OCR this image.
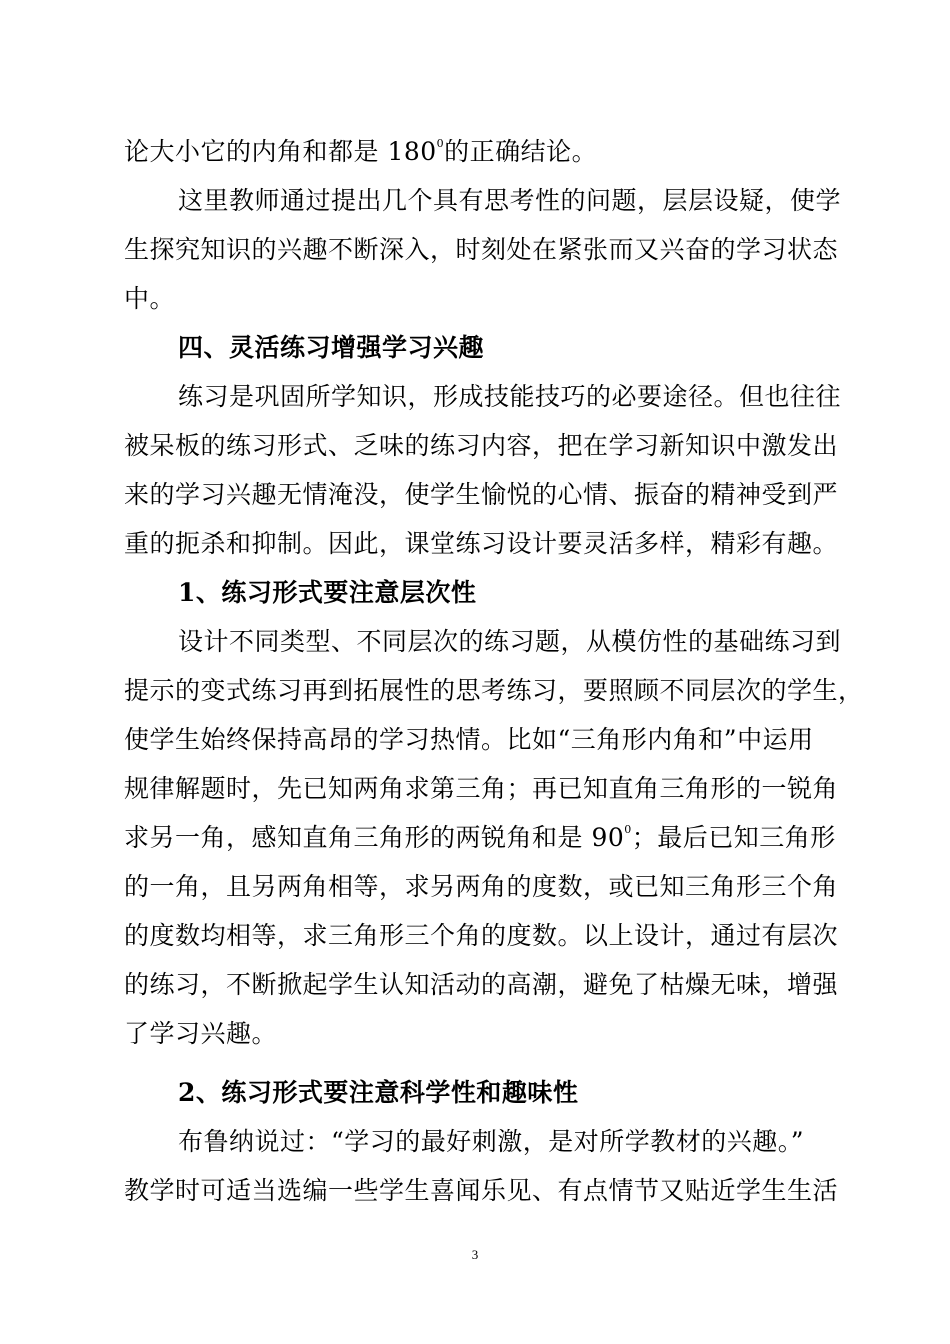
论大小它的内角和都是 $180^0$的正确结论。
这里教师通过提出几个具有思考性的问题，层层设疑，使学
生探究知识的兴趣不断深入，时刻处在紧张而又兴奋的学习状态
中。
四、灵活练习增强学习兴趣
练习是巩固所学知识，形成技能技巧的必要途径。但也往往
被呆板的练习形式、乏味的练习内容，把在学习新知识中激发出
来的学习兴趣无情淹没，使学生愉悦的心情、振奋的精神受到严
重的扼杀和抑制。因此，课堂练习设计要灵活多样，精彩有趣。
1、练习形式要注意层次性
设计不同类型、不同层次的练习题，从模仿性的基础练习到
提示的变式练习再到拓展性的思考练习，要照顾不同层次的学生，
使学生始终保持高昂的学习热情。比如“三角形内角和”中运用
规律解题时，先已知两角求第三角；再已知直角三角形的一锐角
求另一角，感知直角三角形的两锐角和是 $90^0$；最后已知三角形
的一角，且另两角相等，求另两角的度数，或已知三角形三个角
的度数均相等，求三角形三个角的度数。以上设计，通过有层次
的练习，不断掀起学生认知活动的高潮，避免了枯燥无味，增强
了学习兴趣。
2、练习形式要注意科学性和趣味性
布鲁纳说过：“学习的最好刺激，是对所学教材的兴趣。”
教学时可适当选编一些学生喜闻乐见、有点情节又贴近学生生活
3
